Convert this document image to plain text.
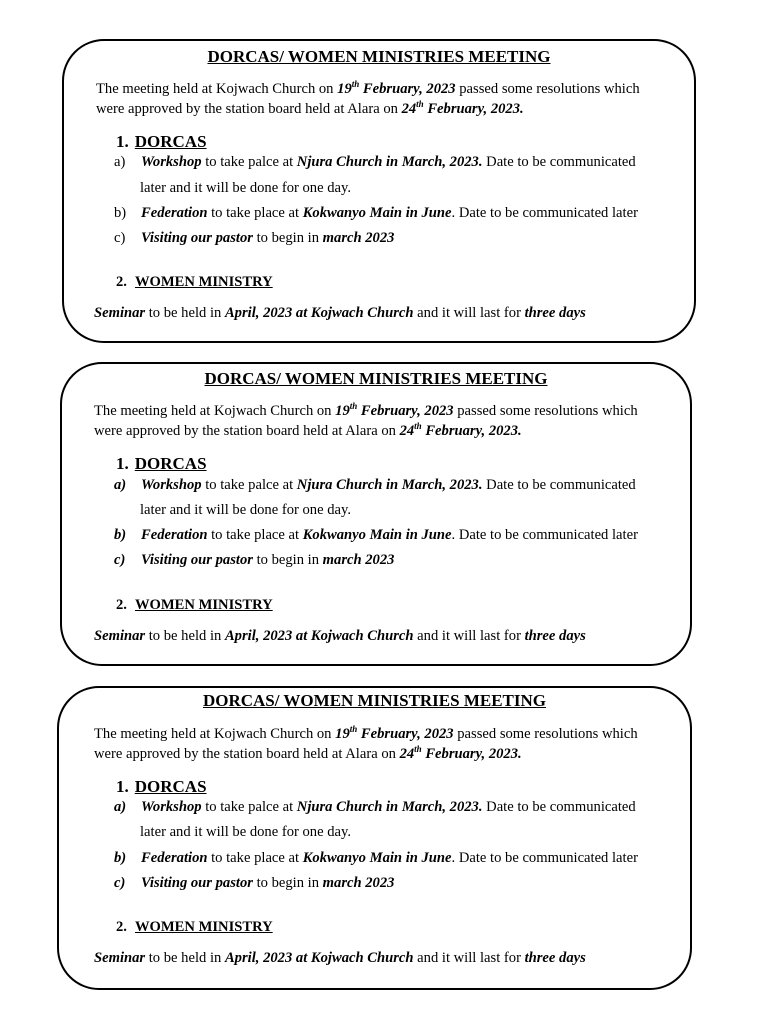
DORCAS/ WOMEN MINISTRIES MEETING
The meeting held at Kojwach Church on 19th February, 2023 passed some resolutions which
were approved by the station board held at Alara on 24th February, 2023.
1. DORCAS
a) Workshop to take palce at Njura Church in March, 2023. Date to be communicated
later and it will be done for one day.
b) Federation to take place at Kokwanyo Main in June. Date to be communicated later
c) Visiting our pastor to begin in march 2023
2. WOMEN MINISTRY
Seminar to be held in April, 2023 at Kojwach Church and it will last for three days
DORCAS/ WOMEN MINISTRIES MEETING
The meeting held at Kojwach Church on 19th February, 2023 passed some resolutions which
were approved by the station board held at Alara on 24th February, 2023.
1. DORCAS
a) Workshop to take palce at Njura Church in March, 2023. Date to be communicated
later and it will be done for one day.
b) Federation to take place at Kokwanyo Main in June. Date to be communicated later
c) Visiting our pastor to begin in march 2023
2. WOMEN MINISTRY
Seminar to be held in April, 2023 at Kojwach Church and it will last for three days
DORCAS/ WOMEN MINISTRIES MEETING
The meeting held at Kojwach Church on 19th February, 2023 passed some resolutions which
were approved by the station board held at Alara on 24th February, 2023.
1. DORCAS
a) Workshop to take palce at Njura Church in March, 2023. Date to be communicated
later and it will be done for one day.
b) Federation to take place at Kokwanyo Main in June. Date to be communicated later
c) Visiting our pastor to begin in march 2023
2. WOMEN MINISTRY
Seminar to be held in April, 2023 at Kojwach Church and it will last for three days
